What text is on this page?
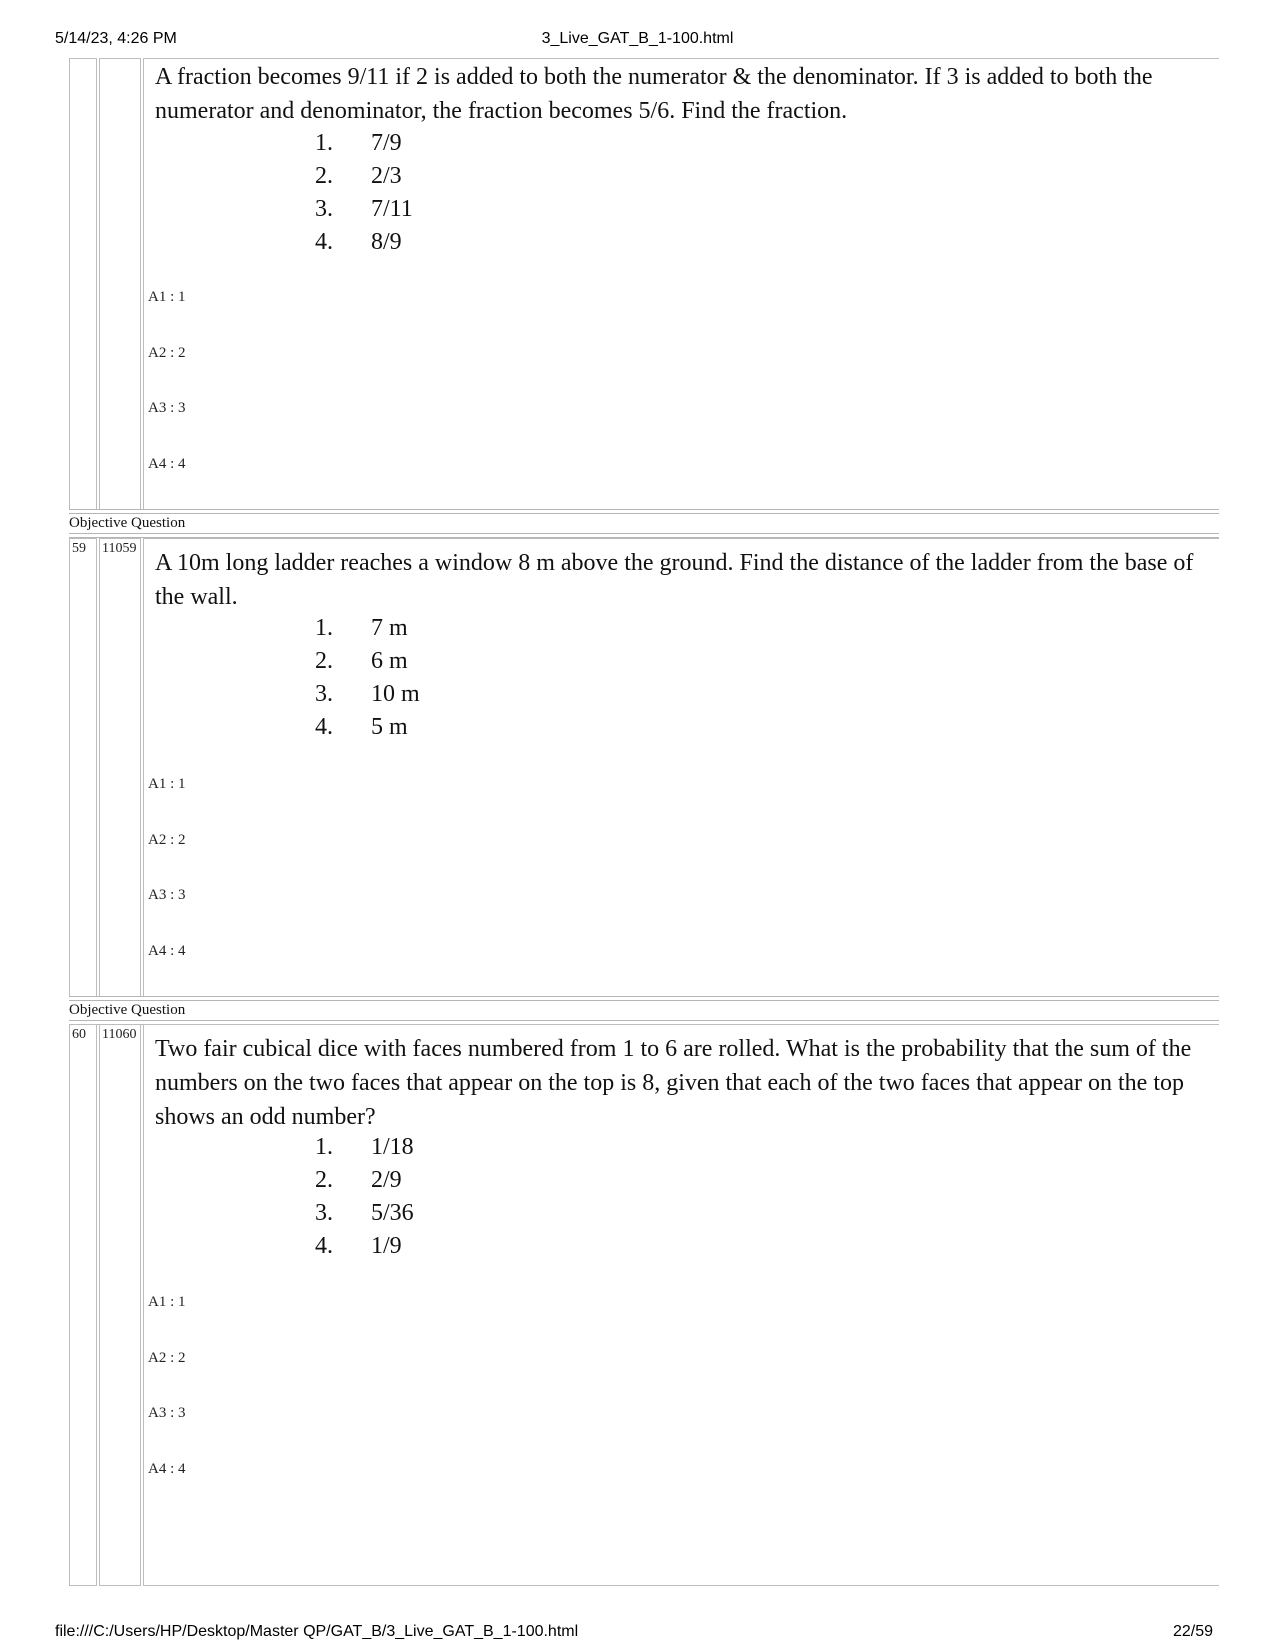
5/14/23, 4:26 PM	3_Live_GAT_B_1-100.html
A fraction becomes 9/11 if 2 is added to both the numerator & the denominator. If 3 is added to both the numerator and denominator, the fraction becomes 5/6. Find the fraction.
1.	7/9
2.	2/3
3.	7/11
4.	8/9
A1 : 1
A2 : 2
A3 : 3
A4 : 4
Objective Question
59 11059
A 10m long ladder reaches a window 8 m above the ground. Find the distance of the ladder from the base of the wall.
1.	7 m
2.	6 m
3.	10 m
4.	5 m
A1 : 1
A2 : 2
A3 : 3
A4 : 4
Objective Question
60 11060
Two fair cubical dice with faces numbered from 1 to 6 are rolled. What is the probability that the sum of the numbers on the two faces that appear on the top is 8, given that each of the two faces that appear on the top shows an odd number?
1.	1/18
2.	2/9
3.	5/36
4.	1/9
A1 : 1
A2 : 2
A3 : 3
A4 : 4
file:///C:/Users/HP/Desktop/Master QP/GAT_B/3_Live_GAT_B_1-100.html	22/59
